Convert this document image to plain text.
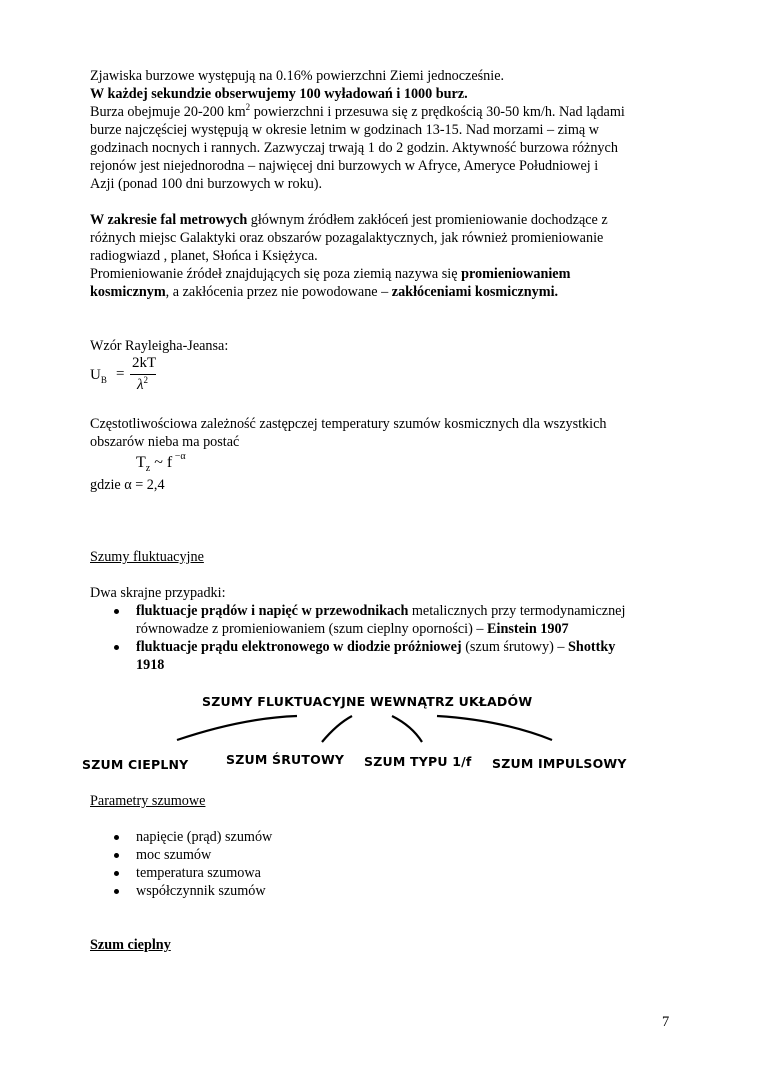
Zjawiska burzowe występują na 0.16% powierzchni Ziemi jednocześnie.

W każdej sekundzie obserwujemy 100 wyładowań i 1000 burz.

Burza obejmuje 20-200 $km^2$ powierzchni i przesuwa się z prędkością 30-50 km/h. Nad lądami

burze najczęściej występują w okresie letnim w godzinach 13-15. Nad morzami – zimą w

godzinach nocnych i rannych. Zazwyczaj trwają 1 do 2 godzin. Aktywność burzowa różnych

rejonów jest niejednorodna – najwięcej dni burzowych w Afryce, Ameryce Południowej i

Azji (ponad 100 dni burzowych w roku).

W zakresie fal metrowych głównym źródłem zakłóceń jest promieniowanie dochodzące z

różnych miejsc Galaktyki oraz obszarów pozagalaktycznych, jak również promieniowanie

radiogwiazd , planet, Słońca i Księżyca.

Promieniowanie źródeł znajdujących się poza ziemią nazywa się promieniowaniem

kosmicznym, a zakłócenia przez nie powodowane – zakłóceniami kosmicznymi.

Wzór Rayleigha-Jeansa:

$U_B$ =
2kT
$\lambda^2$

Częstotliwościowa zależność zastępczej temperatury szumów kosmicznych dla wszystkich

obszarów nieba ma postać

$T_z$ ~ f $^{-\alpha}$

gdzie α = 2,4

Szumy fluktuacyjne

Dwa skrajne przypadki:

fluktuacje prądów i napięć w przewodnikach metalicznych przy termodynamicznej
równowadze z promieniowaniem (szum cieplny oporności) – Einstein 1907
fluktuacje prądu elektronowego w diodzie próżniowej (szum śrutowy) – Shottky
1918
SZUMY FLUKTUACYJNE WEWNĄTRZ UKŁADÓW
SZUM CIEPLNY	SZUM ŚRUTOWY SZUM TYPU 1/f SZUM IMPULSOWY

Parametry szumowe

napięcie (prąd) szumów
moc szumów
temperatura szumowa
współczynnik szumów

Szum cieplny

7
